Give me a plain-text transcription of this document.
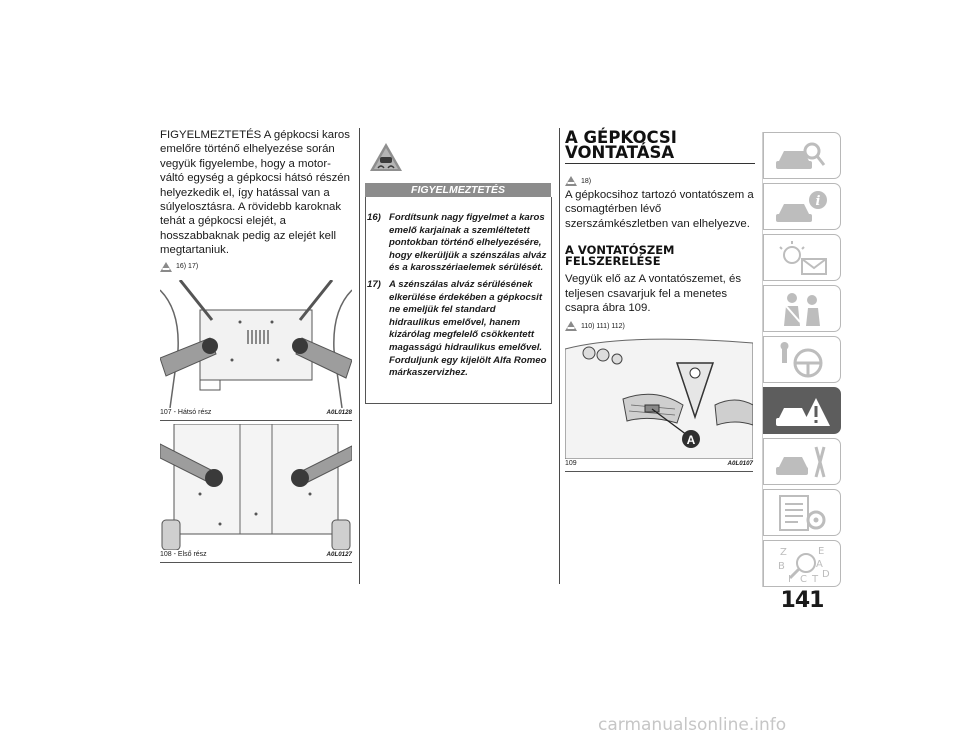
FIGYELMEZTETÉS A gépkocsi karos emelőre történő elhelyezése során vegyük figyelembe, hogy a motor-váltó egység a gépkocsi hátsó részén helyezkedik el, így hatással van a súlyelosztásra. A rövidebb karoknak tehát a gépkocsi elejét, a hosszabbaknak pedig az elejét kell megtartaniuk.

16) 17)
107 - Hátsó rész	A0L0128
108 - Első rész	A0L0127
FIGYELMEZTETÉS
16) Fordítsunk nagy figyelmet a karos emelő karjainak a szemléltetett pontokban történő elhelyezésére, hogy elkerüljük a szénszálas alváz és a karosszériaelemek sérülését.
17) A szénszálas alváz sérülésének elkerülése érdekében a gépkocsit ne emeljük fel standard hidraulikus emelővel, hanem kizárólag megfelelő csökkentett magasságú hidraulikus emelővel. Forduljunk egy kijelölt Alfa Romeo márkaszervizhez.
A GÉPKOCSI VONTATÁSA
18)

A gépkocsihoz tartozó vontatószem a csomagtérben lévő szerszámkészletben van elhelyezve.

A VONTATÓSZEM FELSZERELÉSE

Vegyük elő az A vontatószemet, és teljesen csavarjuk fel a menetes csapra ábra 109.

110) 111) 112)
A
109	A0L0107
i
Z	E
A
B
D
C T
I
141
carmanualsonline.info
